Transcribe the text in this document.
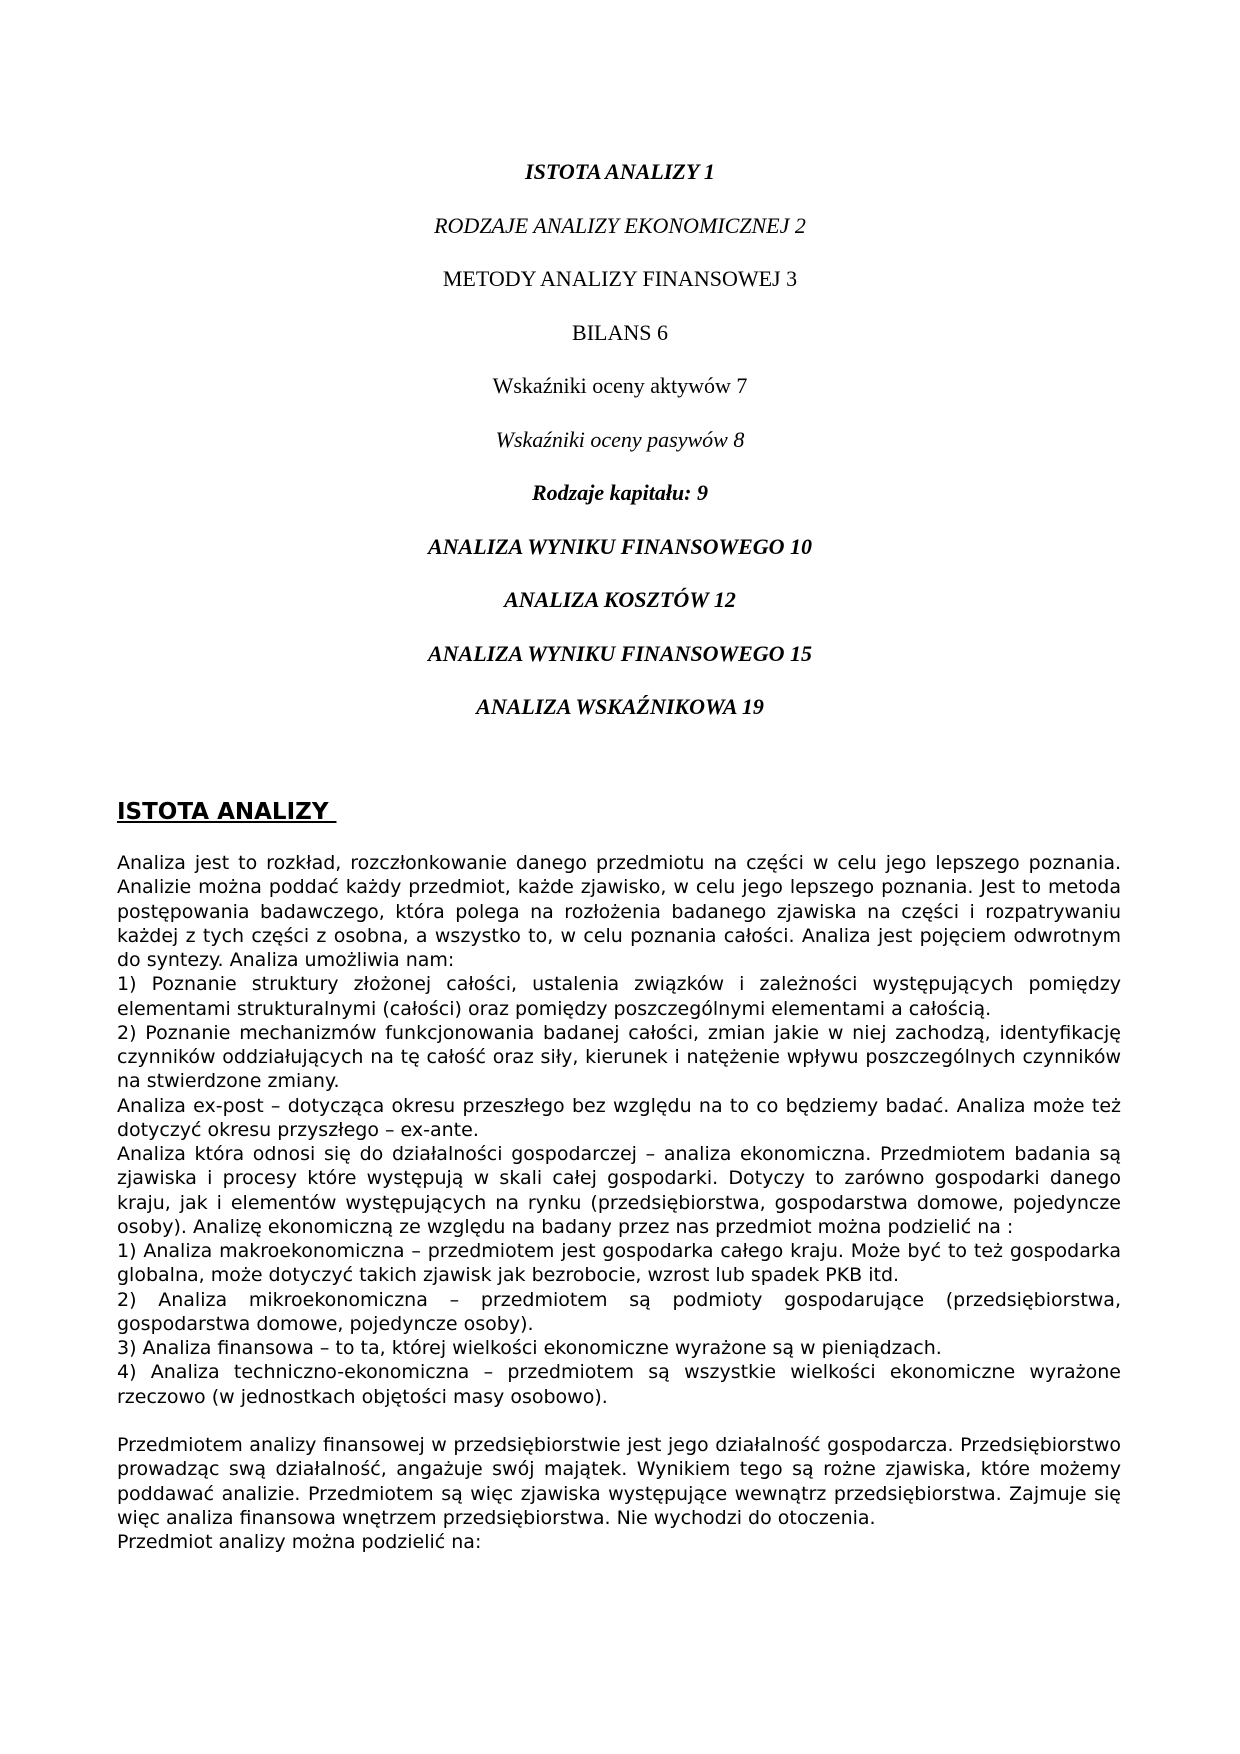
ISTOTA ANALIZY 1
RODZAJE ANALIZY EKONOMICZNEJ 2
METODY ANALIZY FINANSOWEJ 3
BILANS 6
Wskaźniki oceny aktywów 7
Wskaźniki oceny pasywów 8
Rodzaje kapitału: 9
ANALIZA WYNIKU FINANSOWEGO 10
ANALIZA KOSZTÓW 12
ANALIZA WYNIKU FINANSOWEGO 15
ANALIZA WSKAŹNIKOWA 19
ISTOTA ANALIZY

Analiza jest to rozkład, rozczłonkowanie danego przedmiotu na części w celu jego lepszego poznania. Analizie można poddać każdy przedmiot, każde zjawisko, w celu jego lepszego poznania. Jest to metoda postępowania badawczego, która polega na rozłożenia badanego zjawiska na części i rozpatrywaniu każdej z tych części z osobna, a wszystko to, w celu poznania całości. Analiza jest pojęciem odwrotnym do syntezy. Analiza umożliwia nam:

1) Poznanie struktury złożonej całości, ustalenia związków i zależności występujących pomiędzy elementami strukturalnymi (całości) oraz pomiędzy poszczególnymi elementami a całością.

2) Poznanie mechanizmów funkcjonowania badanej całości, zmian jakie w niej zachodzą, identyfikację czynników oddziałujących na tę całość oraz siły, kierunek i natężenie wpływu poszczególnych czynników na stwierdzone zmiany.

Analiza ex-post – dotycząca okresu przeszłego bez względu na to co będziemy badać. Analiza może też dotyczyć okresu przyszłego – ex-ante.

Analiza która odnosi się do działalności gospodarczej – analiza ekonomiczna. Przedmiotem badania są zjawiska i procesy które występują w skali całej gospodarki. Dotyczy to zarówno gospodarki danego kraju, jak i elementów występujących na rynku (przedsiębiorstwa, gospodarstwa domowe, pojedyncze osoby). Analizę ekonomiczną ze względu na badany przez nas przedmiot można podzielić na :

1) Analiza makroekonomiczna – przedmiotem jest gospodarka całego kraju. Może być to też gospodarka globalna, może dotyczyć takich zjawisk jak bezrobocie, wzrost lub spadek PKB itd.

2) Analiza mikroekonomiczna – przedmiotem są podmioty gospodarujące (przedsiębiorstwa, gospodarstwa domowe, pojedyncze osoby).

3) Analiza finansowa – to ta, której wielkości ekonomiczne wyrażone są w pieniądzach.

4) Analiza techniczno-ekonomiczna – przedmiotem są wszystkie wielkości ekonomiczne wyrażone rzeczowo (w jednostkach objętości masy osobowo).

Przedmiotem analizy finansowej w przedsiębiorstwie jest jego działalność gospodarcza. Przedsiębiorstwo prowadząc swą działalność, angażuje swój majątek. Wynikiem tego są rożne zjawiska, które możemy poddawać analizie. Przedmiotem są więc zjawiska występujące wewnątrz przedsiębiorstwa. Zajmuje się więc analiza finansowa wnętrzem przedsiębiorstwa. Nie wychodzi do otoczenia.

Przedmiot analizy można podzielić na:
